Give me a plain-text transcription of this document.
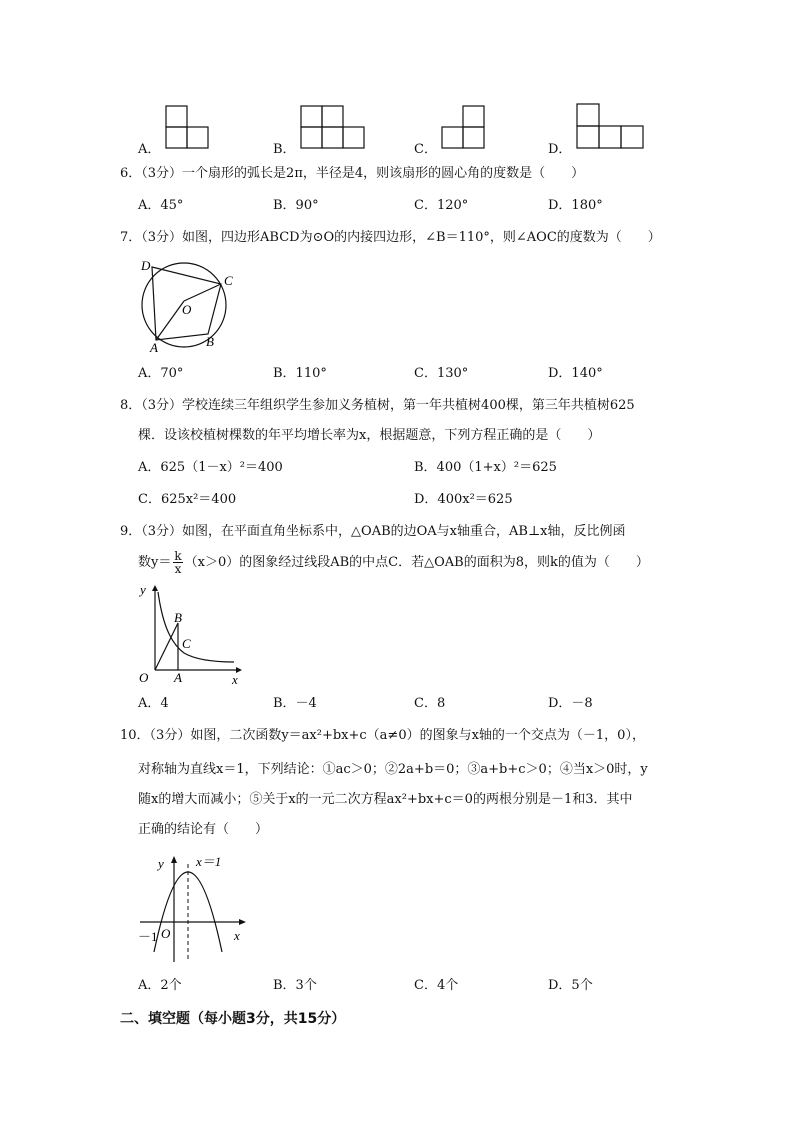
A．	B．	C．	D．
6．（3分）一个扇形的弧长是2π，半径是4，则该扇形的圆心角的度数是（　　）
A．45°	B．90°	C．120°	D．180°
7．（3分）如图，四边形ABCD为⊙O的内接四边形，∠B＝110°，则∠AOC的度数为（　　）
D
C
O
A	B
A．70°	B．110°	C．130°	D．140°
8．（3分）学校连续三年组织学生参加义务植树，第一年共植树400棵，第三年共植树625
棵．设该校植树棵数的年平均增长率为x，根据题意，下列方程正确的是（　　）
A．625（1－x）²＝400	B．400（1+x）²＝625
C．625x²＝400	D．400x²＝625
9．（3分）如图，在平面直角坐标系中，△OAB的边OA与x轴重合，AB⊥x轴，反比例函
数$y= \frac{k}{x} (x>0)$的图象经过线段AB的中点C．若△OAB的面积为8，则k的值为（　　）
y
B
C
O A	x
A．4	B．－4	C．8	D．－8
10．（3分）如图，二次函数y＝ax²+bx+c（a≠0）的图象与x轴的一个交点为（－1，0），
对称轴为直线x＝1，下列结论：①ac＞0；②2a+b＝0；③a+b+c＞0；④当x＞0时，y
随x的增大而减小；⑤关于x的一元二次方程ax²+bx+c＝0的两根分别是－1和3．其中
正确的结论有（　　）
y x＝1
－1 O	x
A．2个	B．3个	C．4个	D．5个
二、填空题（每小题3分，共15分）
